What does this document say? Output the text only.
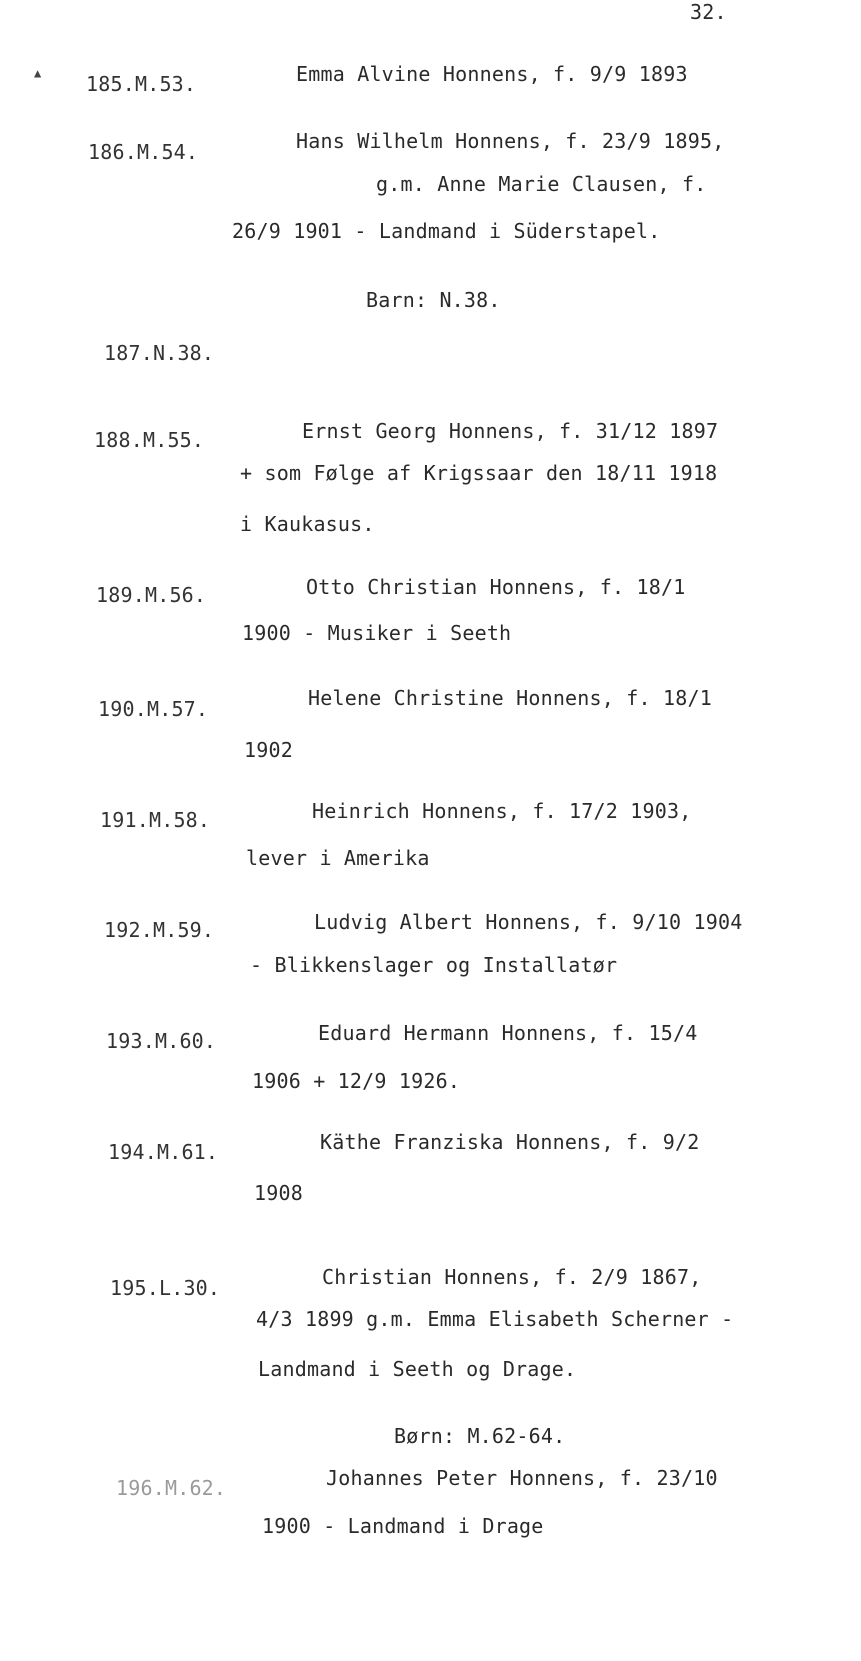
32.
▲ 185.M.53.	Emma Alvine Honnens, f. 9/9 1893
186.M.54.	Hans Wilhelm Honnens, f. 23/9 1895,
g.m. Anne Marie Clausen, f.
26/9 1901 - Landmand i Süderstapel.
Barn: N.38.
187.N.38.
188.M.55.	Ernst Georg Honnens, f. 31/12 1897
+ som Følge af Krigssaar den 18/11 1918
i Kaukasus.
189.M.56.	Otto Christian Honnens, f. 18/1
1900 - Musiker i Seeth
190.M.57.	Helene Christine Honnens, f. 18/1
1902
191.M.58.	Heinrich Honnens, f. 17/2 1903,
lever i Amerika
192.M.59.	Ludvig Albert Honnens, f. 9/10 1904
- Blikkenslager og Installatør
193.M.60.	Eduard Hermann Honnens, f. 15/4
1906 + 12/9 1926.
194.M.61.	Käthe Franziska Honnens, f. 9/2
1908
195.L.30.	Christian Honnens, f. 2/9 1867,
4/3 1899 g.m. Emma Elisabeth Scherner -
Landmand i Seeth og Drage.
Børn: M.62-64.
196.M.62.	Johannes Peter Honnens, f. 23/10
1900 - Landmand i Drage
